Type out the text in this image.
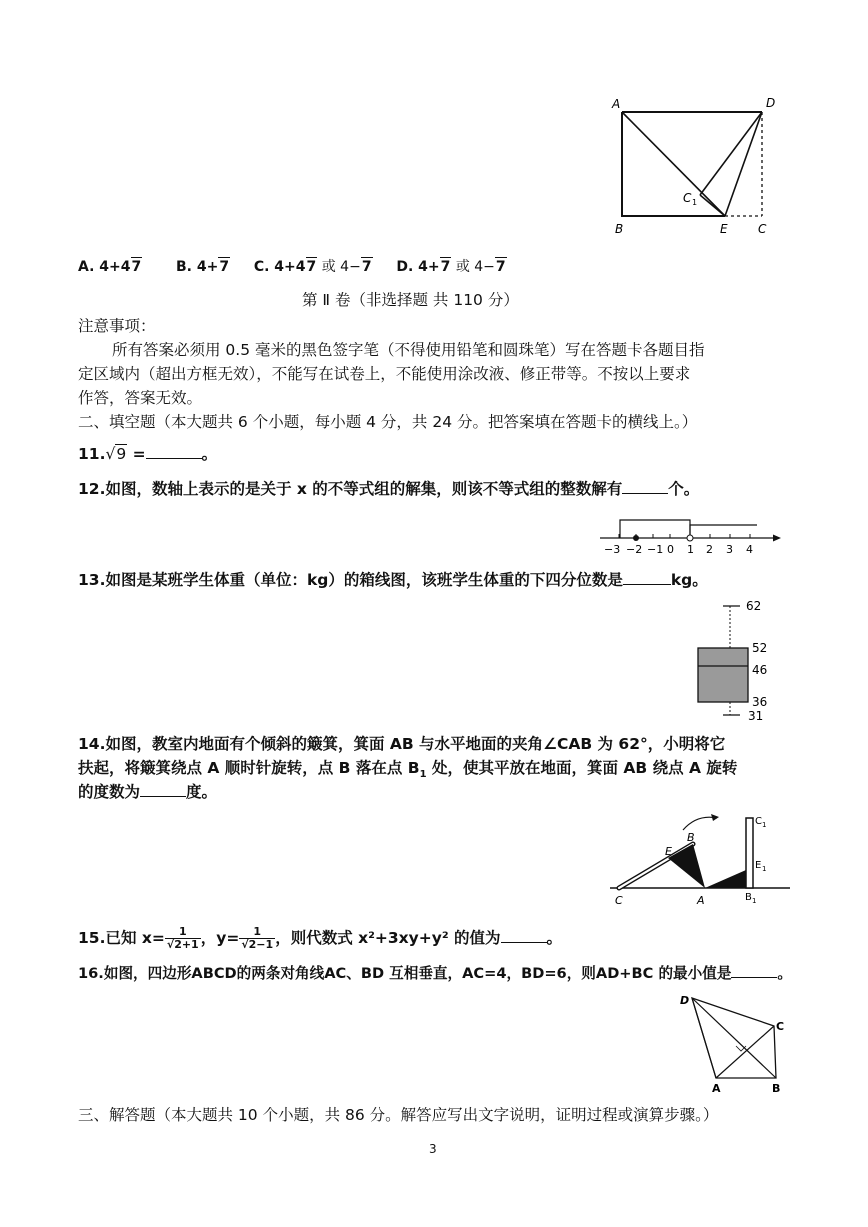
A	D
B	E	C
C 1
A. 4+47 B. 4+7 C. 4+47 或 4−7 D. 4+7 或 4−7
第 Ⅱ 卷（非选择题 共 110 分）
注意事项：
所有答案必须用 0.5 毫米的黑色签字笔（不得使用铅笔和圆珠笔）写在答题卡各题目指
定区域内（超出方框无效），不能写在试卷上，不能使用涂改液、修正带等。不按以上要求
作答，答案无效。
二、填空题（本大题共 6 个小题，每小题 4 分，共 24 分。把答案填在答题卡的横线上。）
11.√9 =	。
12.如图，数轴上表示的是关于 x 的不等式组的解集，则该不等式组的整数解有	个。
−3 −2 −1 0 1 2 3 4
13.如图是某班学生体重（单位：kg）的箱线图，该班学生体重的下四分位数是	kg。
62
52
46
36
31
14.如图，教室内地面有个倾斜的簸箕，箕面 AB 与水平地面的夹角∠CAB 为 62°，小明将它
扶起，将簸箕绕点 A 顺时针旋转，点 B 落在点 $B_1$ 处，使其平放在地面，箕面 AB 绕点 A 旋转
的度数为	度。
C	A
E
B
C 1
E 1
B 1
15.已知 $x= \frac{1}{√2+1}$ ，$y= \frac{1}{√2-1}$ ，则代数式 x²+3xy+y² 的值为	。
16.如图，四边形ABCD的两条对角线AC、BD 互相垂直，AC=4，BD=6，则AD+BC 的最小值是	。
D
C
A	B
三、解答题（本大题共 10 个小题，共 86 分。解答应写出文字说明，证明过程或演算步骤。）
3
